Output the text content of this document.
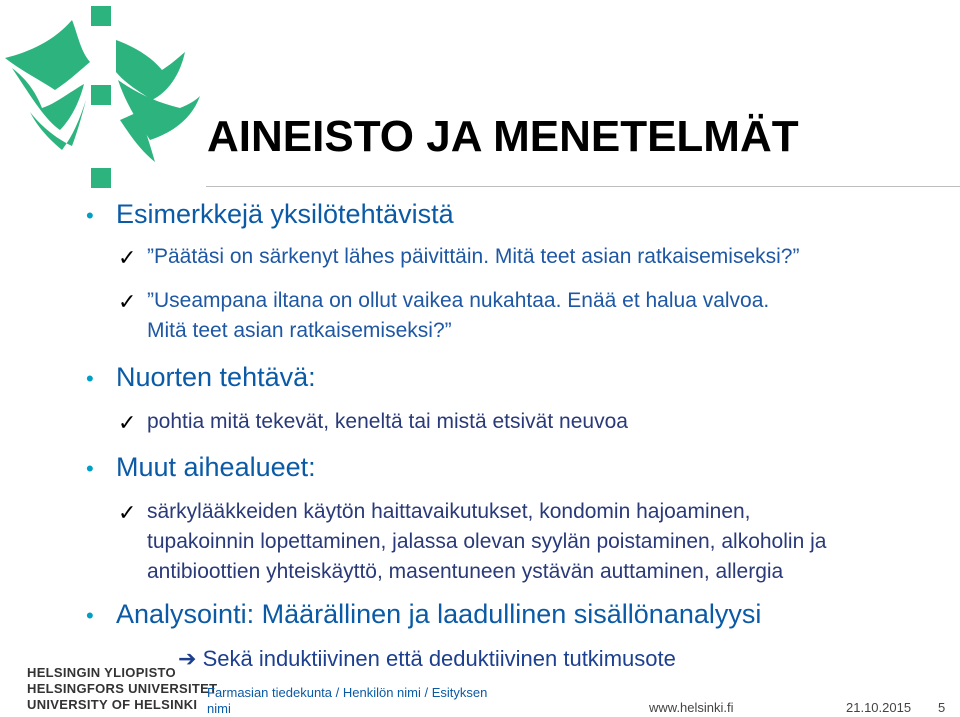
AINEISTO JA MENETELMÄT
• Esimerkkejä yksilötehtävistä
✓ ”Päätäsi on särkenyt lähes päivittäin. Mitä teet asian ratkaisemiseksi?”
✓ ”Useampana iltana on ollut vaikea nukahtaa. Enää et halua valvoa.
Mitä teet asian ratkaisemiseksi?”
• Nuorten tehtävä:
✓ pohtia mitä tekevät, keneltä tai mistä etsivät neuvoa
• Muut aihealueet:
✓ särkylääkkeiden käytön haittavaikutukset, kondomin hajoaminen,
tupakoinnin lopettaminen, jalassa olevan syylän poistaminen, alkoholin ja
antibioottien yhteiskäyttö, masentuneen ystävän auttaminen, allergia
• Analysointi: Määrällinen ja laadullinen sisällönanalyysi
➔ Sekä induktiivinen että deduktiivinen tutkimusote
HELSINGIN YLIOPISTO
HELSINGFORS UNIVERSITET
UNIVERSITY OF HELSINKI
Farmasian tiedekunta / Henkilön nimi / Esityksen nimi	www.helsinki.fi	21.10.2015 5
